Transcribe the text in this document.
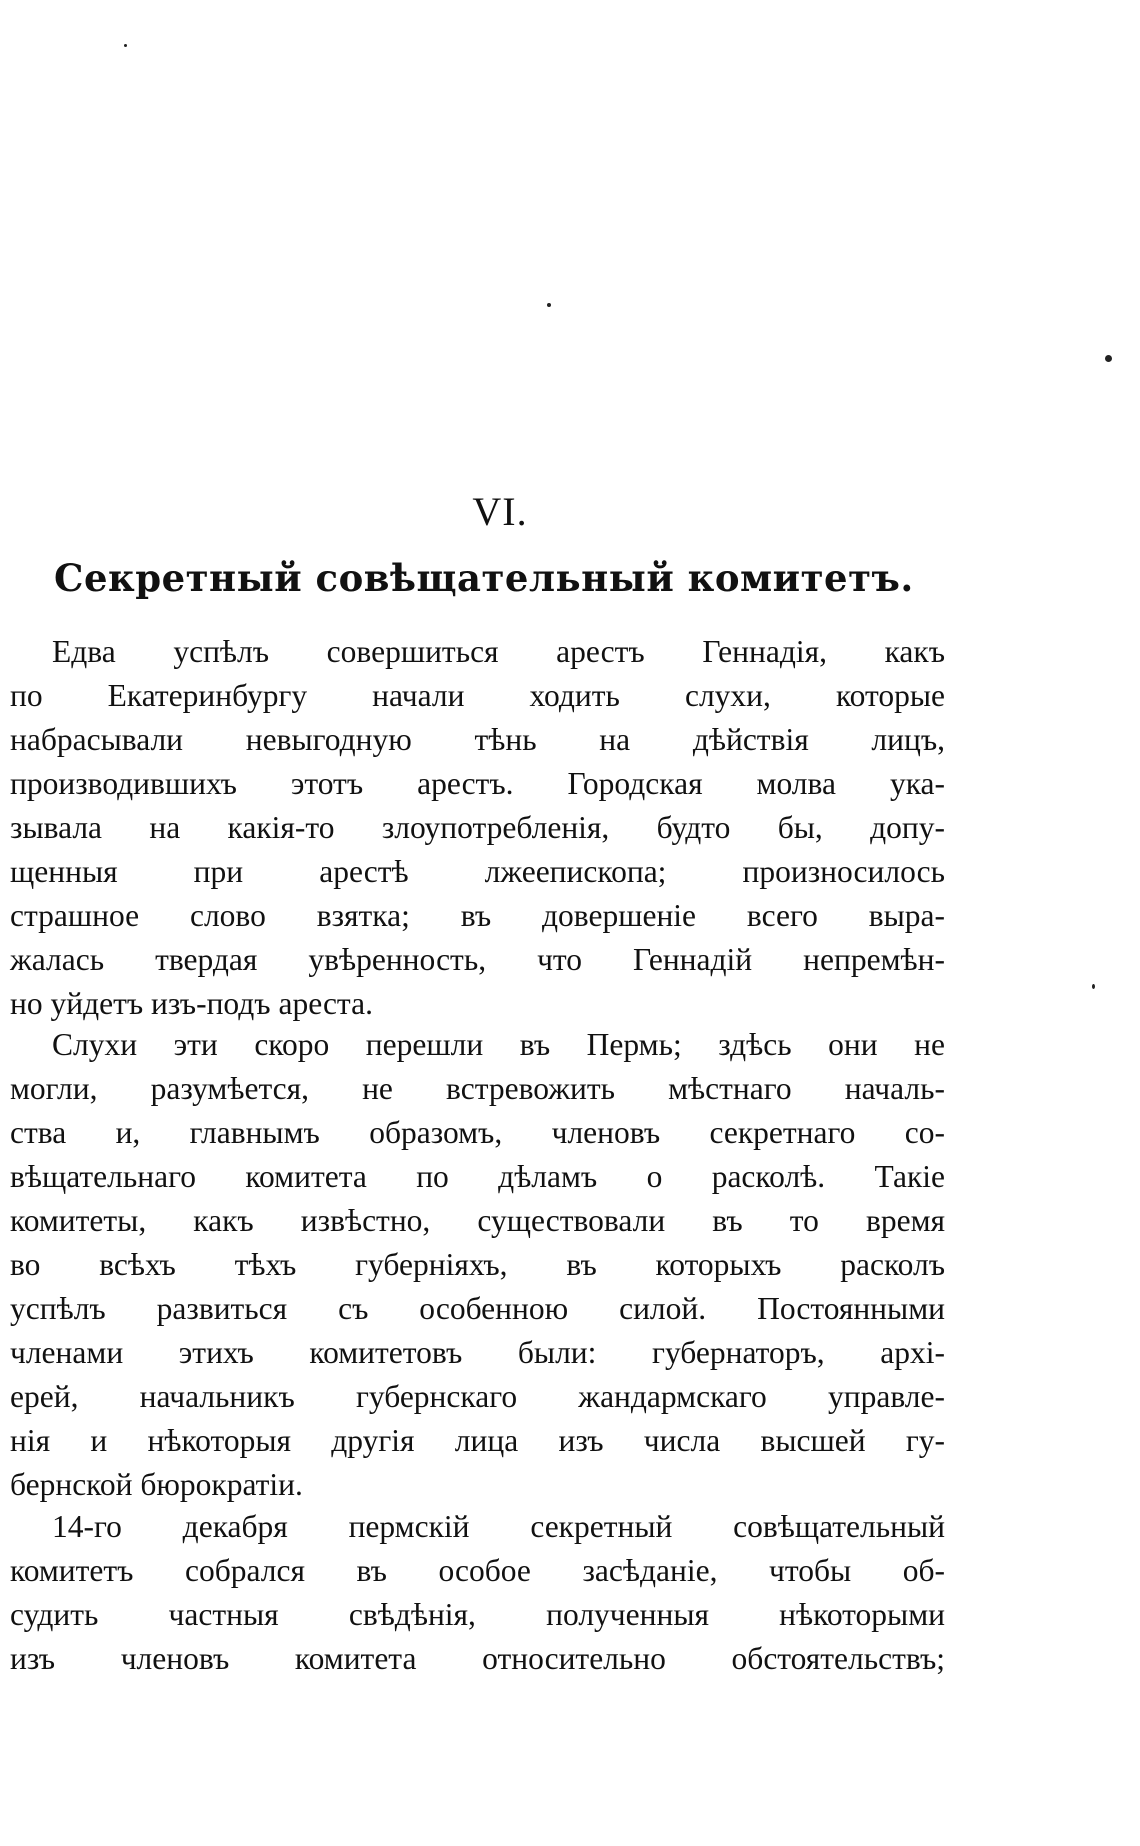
VI.
Секретный совѣщательный комитетъ.
Едва успѣлъ совершиться арестъ Геннадія, какъ
по Екатеринбургу начали ходить слухи, которые
набрасывали невыгодную тѣнь на дѣйствія лицъ,
производившихъ этотъ арестъ. Городская молва ука-
зывала на какія-то злоупотребленія, будто бы, допу-
щенныя при арестѣ лжеепископа; произносилось
страшное слово взятка; въ довершеніе всего выра-
жалась твердая увѣренность, что Геннадій непремѣн-
но уйдетъ изъ-подъ ареста.
Слухи эти скоро перешли въ Пермь; здѣсь они не
могли, разумѣется, не встревожить мѣстнаго началь-
ства и, главнымъ образомъ, членовъ секретнаго со-
вѣщательнаго комитета по дѣламъ о расколѣ. Такіе
комитеты, какъ извѣстно, существовали въ то время
во всѣхъ тѣхъ губерніяхъ, въ которыхъ расколъ
успѣлъ развиться съ особенною силой. Постоянными
членами этихъ комитетовъ были: губернаторъ, архі-
ерей, начальникъ губернскаго жандармскаго управле-
нія и нѣкоторыя другія лица изъ числа высшей гу-
бернской бюрократіи.
14-го декабря пермскій секретный совѣщательный
комитетъ собрался въ особое засѣданіе, чтобы об-
судить частныя свѣдѣнія, полученныя нѣкоторыми
изъ членовъ комитета относительно обстоятельствъ;
